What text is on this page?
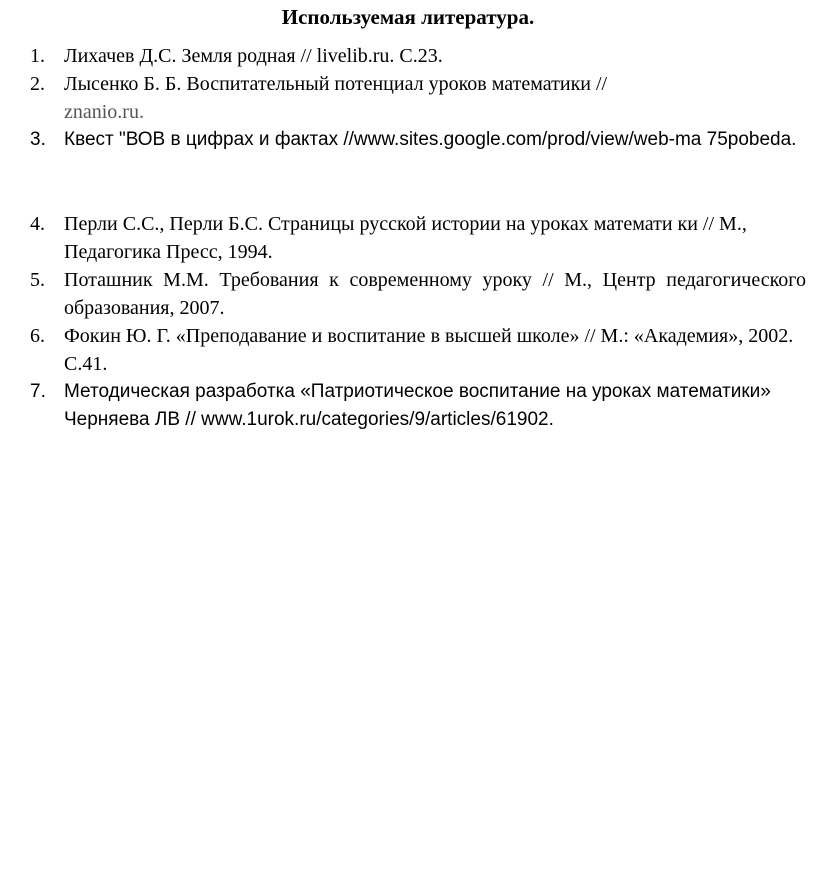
Используемая литература.
1. Лихачев Д.С. Земля родная // livelib.ru. С.23.
2. Лысенко Б. Б. Воспитательный потенциал уроков математики //
znanio.ru.
3. Квест "ВОВ в цифрах и фактах //www.sites.google.com/prod/view/web-ma 75pobeda.
4. Перли С.С., Перли Б.С. Страницы русской истории на уроках математи ки // М., Педагогика Пресс, 1994.
5. Поташник М.М. Требования к современному уроку // М., Центр педагогического образования, 2007.
6. Фокин Ю. Г. «Преподавание и воспитание в высшей школе» // М.: «Академия», 2002. С.41.
7. Методическая разработка «Патриотическое воспитание на уроках математики» Черняева ЛВ // www.1urok.ru/categories/9/articles/61902.
